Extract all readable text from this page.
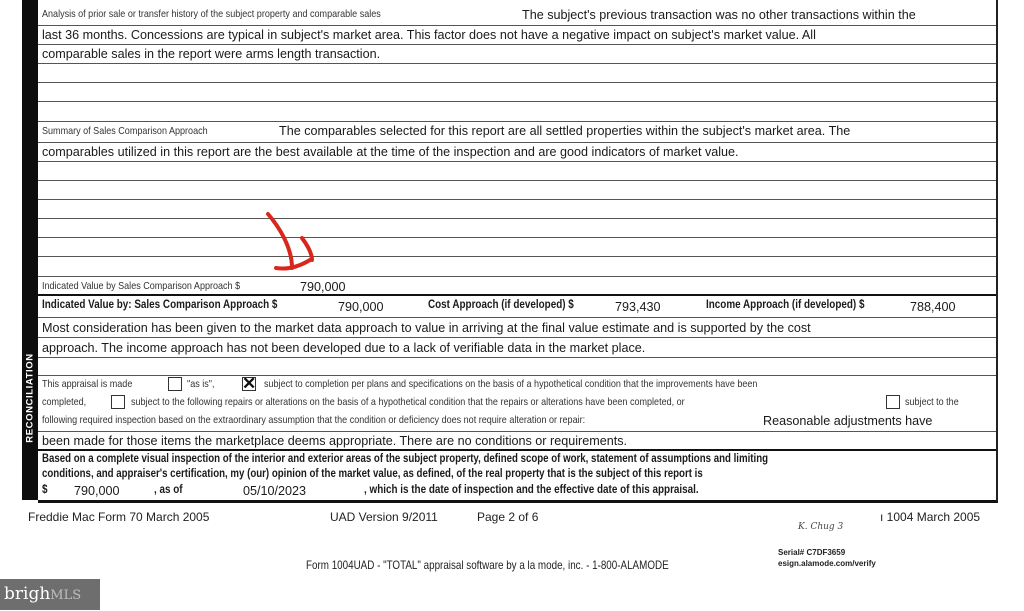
RECONCILIATION
Analysis of prior sale or transfer history of the subject property and comparable sales	The subject's previous transaction was no other transactions within the
last 36 months. Concessions are typical in subject's market area. This factor does not have a negative impact on subject's market value. All
comparable sales in the report were arms length transaction.
Summary of Sales Comparison Approach	The comparables selected for this report are all settled properties within the subject's market area. The
comparables utilized in this report are the best available at the time of the inspection and are good indicators of market value.
Indicated Value by Sales Comparison Approach $	790,000
Indicated Value by: Sales Comparison Approach $	790,000	Cost Approach (if developed) $	793,430	Income Approach (if developed) $	788,400
Most consideration has been given to the market data approach to value in arriving at the final value estimate and is supported by the cost
approach. The income approach has not been developed due to a lack of verifiable data in the market place.
This appraisal is made	"as is", ✕ subject to completion per plans and specifications on the basis of a hypothetical condition that the improvements have been
completed,	subject to the following repairs or alterations on the basis of a hypothetical condition that the repairs or alterations have been completed, or	subject to the
following required inspection based on the extraordinary assumption that the condition or deficiency does not require alteration or repair:	Reasonable adjustments have
been made for those items the marketplace deems appropriate. There are no conditions or requirements.
Based on a complete visual inspection of the interior and exterior areas of the subject property, defined scope of work, statement of assumptions and limiting
conditions, and appraiser's certification, my (our) opinion of the market value, as defined, of the real property that is the subject of this report is
$ 790,000	, as of	05/10/2023	, which is the date of inspection and the effective date of this appraisal.
Freddie Mac Form 70 March 2005	UAD Version 9/2011	Page 2 of 6	ı 1004 March 2005
K. Chug 3
Form 1004UAD - "TOTAL" appraisal software by a la mode, inc. - 1-800-ALAMODE
Serial# C7DF3659
esign.alamode.com/verify
brighMLS
